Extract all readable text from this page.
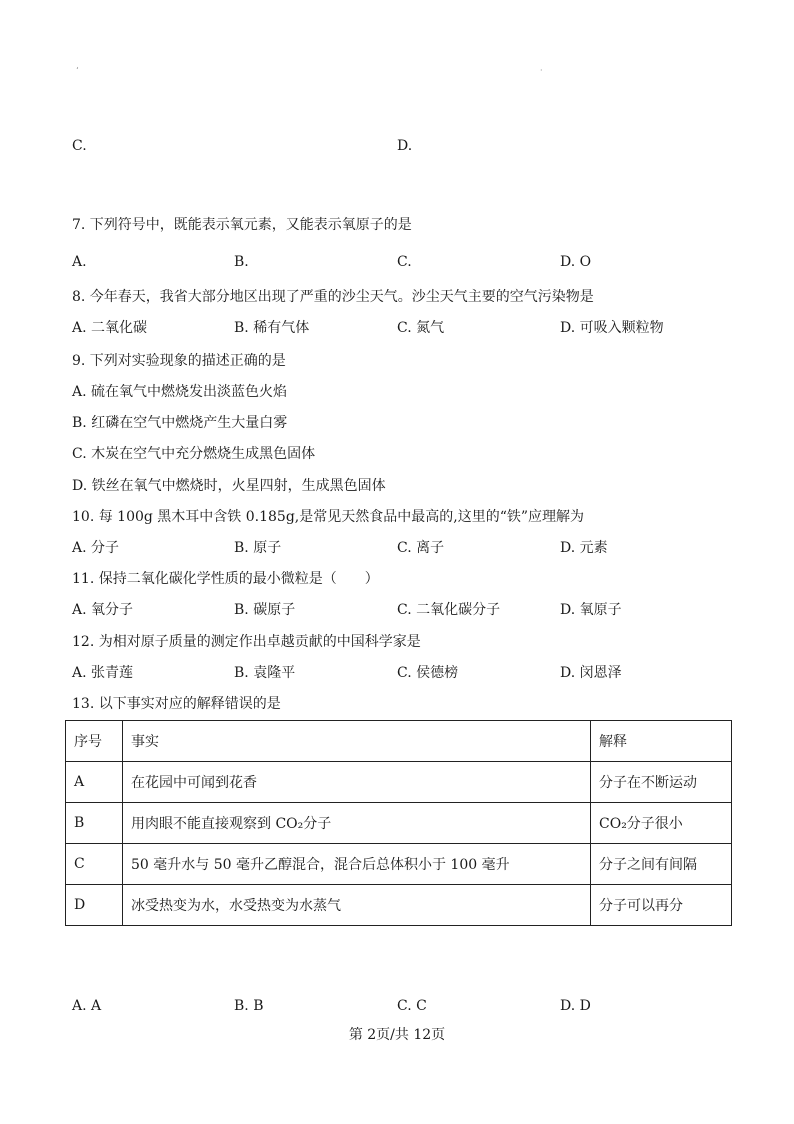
‘	·
C.	D.
7. 下列符号中，既能表示氧元素，又能表示氧原子的是
A.	B.	C.	D. O
8. 今年春天，我省大部分地区出现了严重的沙尘天气。沙尘天气主要的空气污染物是
A. 二氧化碳	B. 稀有气体	C. 氮气	D. 可吸入颗粒物
9. 下列对实验现象的描述正确的是
A. 硫在氧气中燃烧发出淡蓝色火焰
B. 红磷在空气中燃烧产生大量白雾
C. 木炭在空气中充分燃烧生成黑色固体
D. 铁丝在氧气中燃烧时，火星四射，生成黑色固体
10. 每 100g 黑木耳中含铁 0.185g,是常见天然食品中最高的,这里的“铁”应理解为
A. 分子	B. 原子	C. 离子	D. 元素
11. 保持二氧化碳化学性质的最小微粒是（　　）
A. 氧分子	B. 碳原子	C. 二氧化碳分子	D. 氧原子
12. 为相对原子质量的测定作出卓越贡献的中国科学家是
A. 张青莲	B. 袁隆平	C. 侯德榜	D. 闵恩泽
13. 以下事实对应的解释错误的是
序号	事实	解释
A	在花园中可闻到花香	分子在不断运动
B	用肉眼不能直接观察到 CO₂分子	CO₂分子很小
C	50 毫升水与 50 毫升乙醇混合，混合后总体积小于 100 毫升	分子之间有间隔
D	冰受热变为水，水受热变为水蒸气	分子可以再分
A. A	B. B	C. C	D. D
第 2页/共 12页
